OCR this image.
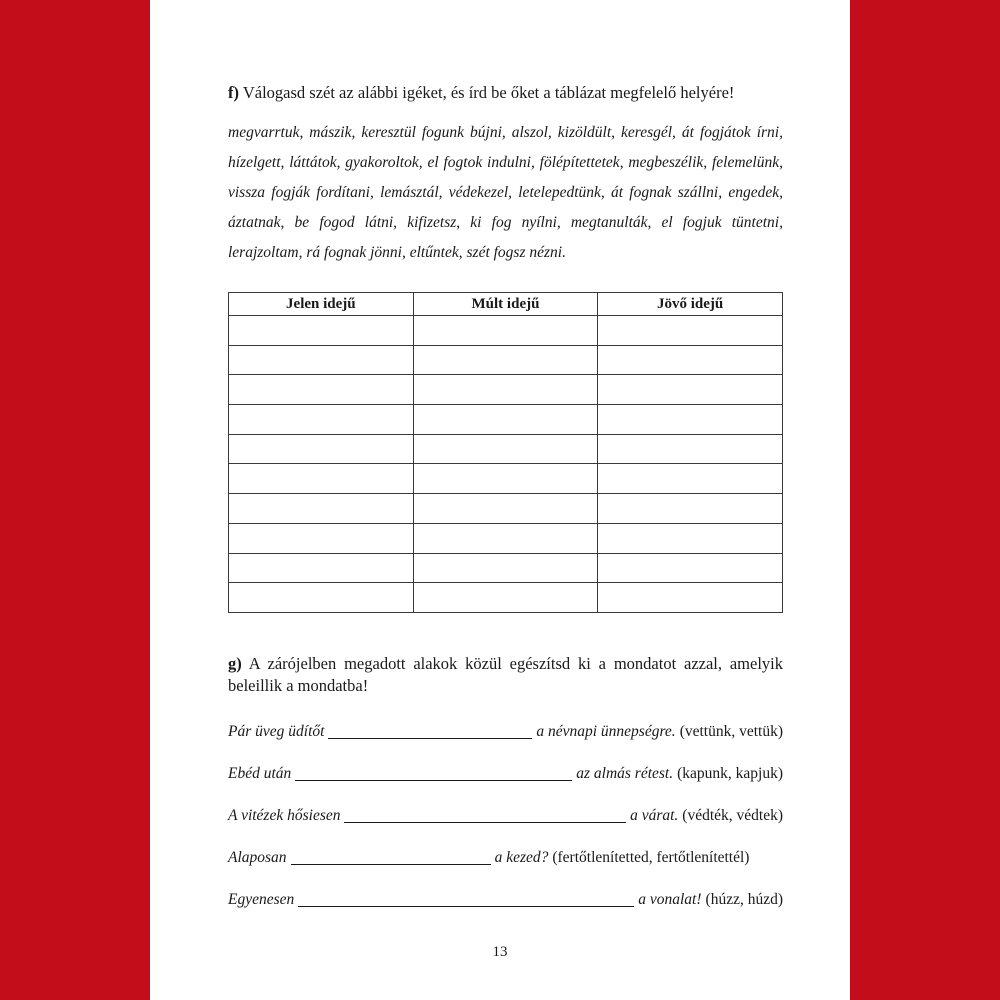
f) Válogasd szét az alábbi igéket, és írd be őket a táblázat megfelelő helyére!

megvarrtuk, mászik, keresztül fogunk bújni, alszol, kizöldült, keresgél, át fogjátok írni, hízelgett, láttátok, gyakoroltok, el fogtok indulni, fölépítettetek, megbeszélik, felemelünk, vissza fogják fordítani, lemásztál, védekezel, letelepedtünk, át fognak szállni, engedek, áztatnak, be fogod látni, kifizetsz, ki fog nyílni, megtanulták, el fogjuk tüntetni, lerajzoltam, rá fognak jönni, eltűntek, szét fogsz nézni.

Jelen idejű	Múlt idejű	Jövő idejű

g) A zárójelben megadott alakok közül egészítsd ki a mondatot azzal, amelyik beleillik a mondatba!

Pár üveg üdítőt	a névnapi ünnepségre. (vettünk, vettük)
Ebéd után	az almás rétest. (kapunk, kapjuk)
A vitézek hősiesen	a várat. (védték, védtek)
Alaposan	a kezed? (fertőtlenítetted, fertőtlenítettél)
Egyenesen	a vonalat! (húzz, húzd)
13
